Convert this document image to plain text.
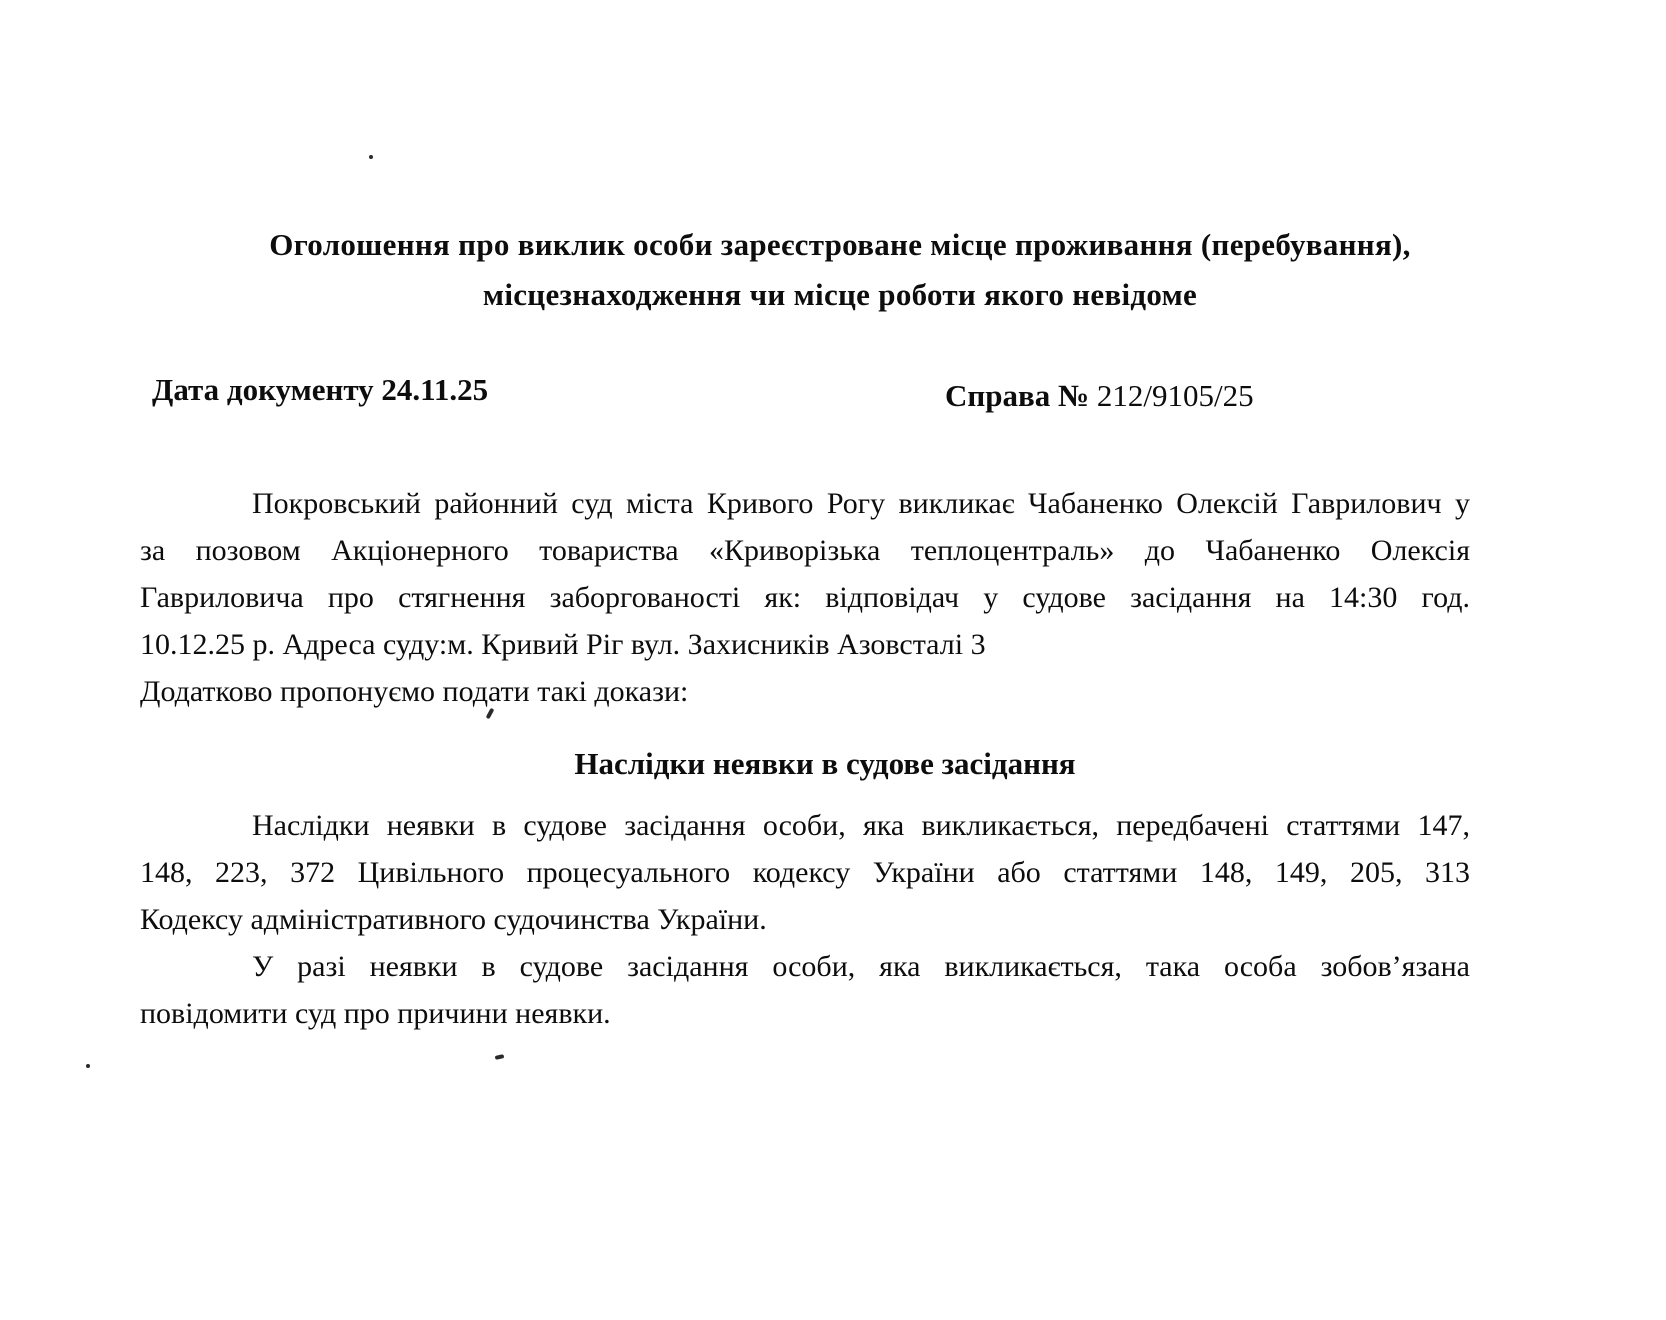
Оголошення про виклик особи зареєстроване місце проживання (перебування),
місцезнаходження чи місце роботи якого невідоме
Дата документу 24.11.25	Справа № 212/9105/25
Покровський районний суд міста Кривого Рогу викликає Чабаненко Олексій Гаврилович у
за позовом Акціонерного товариства «Криворізька теплоцентраль» до Чабаненко Олексія
Гавриловича про стягнення заборгованості як: відповідач у судове засідання на 14:30 год.
10.12.25 р. Адреса суду:м. Кривий Ріг вул. Захисників Азовсталі 3
Додатково пропонуємо подати такі докази:
Наслідки неявки в судове засідання
Наслідки неявки в судове засідання особи, яка викликається, передбачені статтями 147,
148, 223, 372 Цивільного процесуального кодексу України або статтями 148, 149, 205, 313
Кодексу адміністративного судочинства України.
У разі неявки в судове засідання особи, яка викликається, така особа зобов’язана
повідомити суд про причини неявки.
